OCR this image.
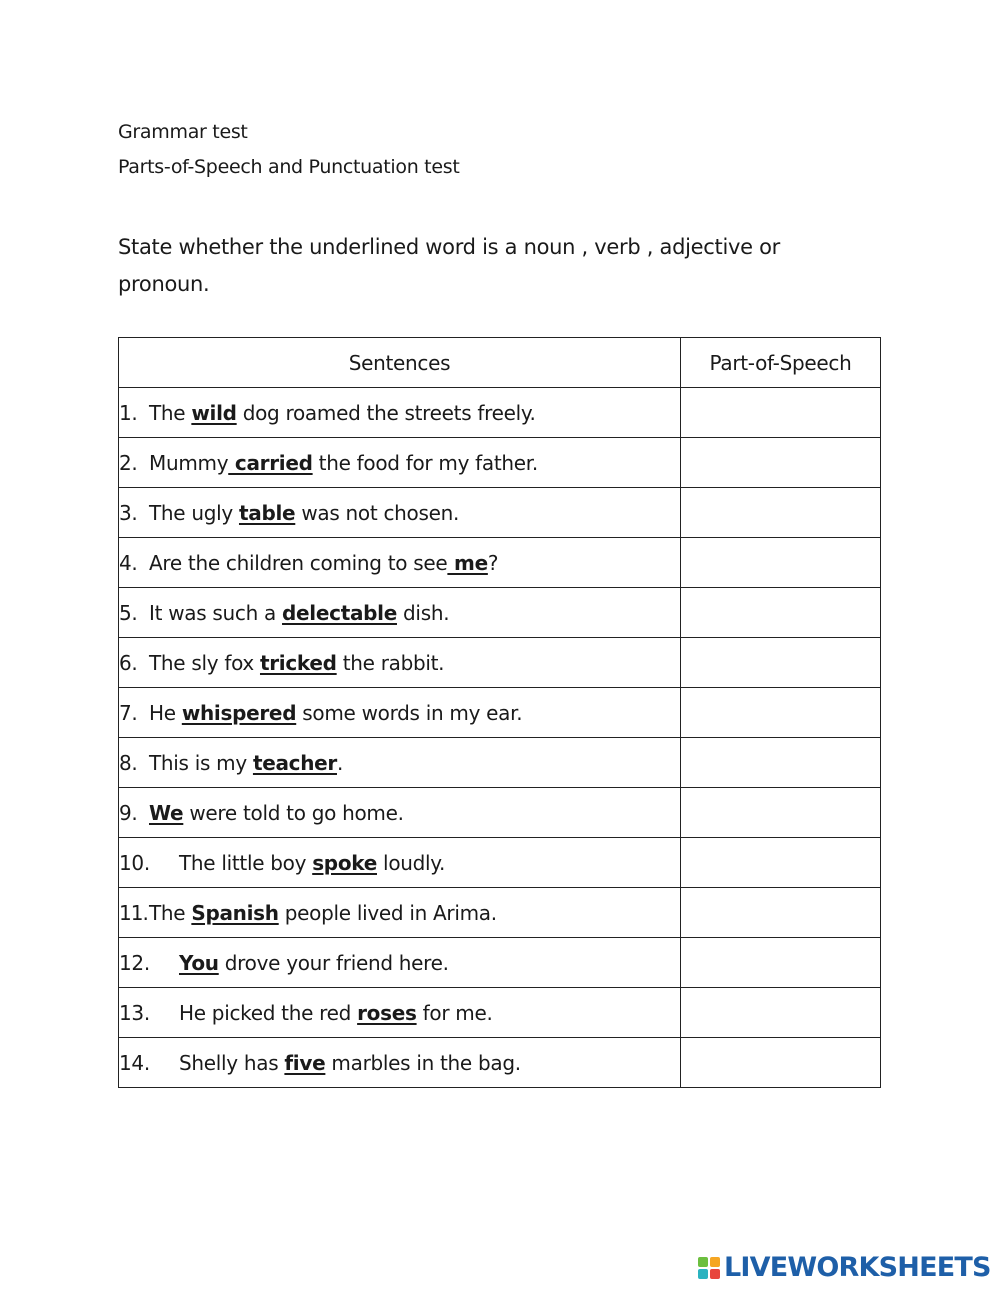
Grammar test
Parts-of-Speech and Punctuation test
State whether the underlined word is a noun , verb , adjective or pronoun.
Sentences	Part-of-Speech
1. The wild dog roamed the streets freely.	
2. Mummy carried the food for my father.	
3. The ugly table was not chosen.	
4. Are the children coming to see me?	
5. It was such a delectable dish.	
6. The sly fox tricked the rabbit.	
7. He whispered some words in my ear.	
8. This is my teacher.	
9. We were told to go home.	
10. The little boy spoke loudly.	
11.The Spanish people lived in Arima.	
12. You drove your friend here.	
13. He picked the red roses for me.	
14. Shelly has five marbles in the bag.	
LIVEWORKSHEETS
